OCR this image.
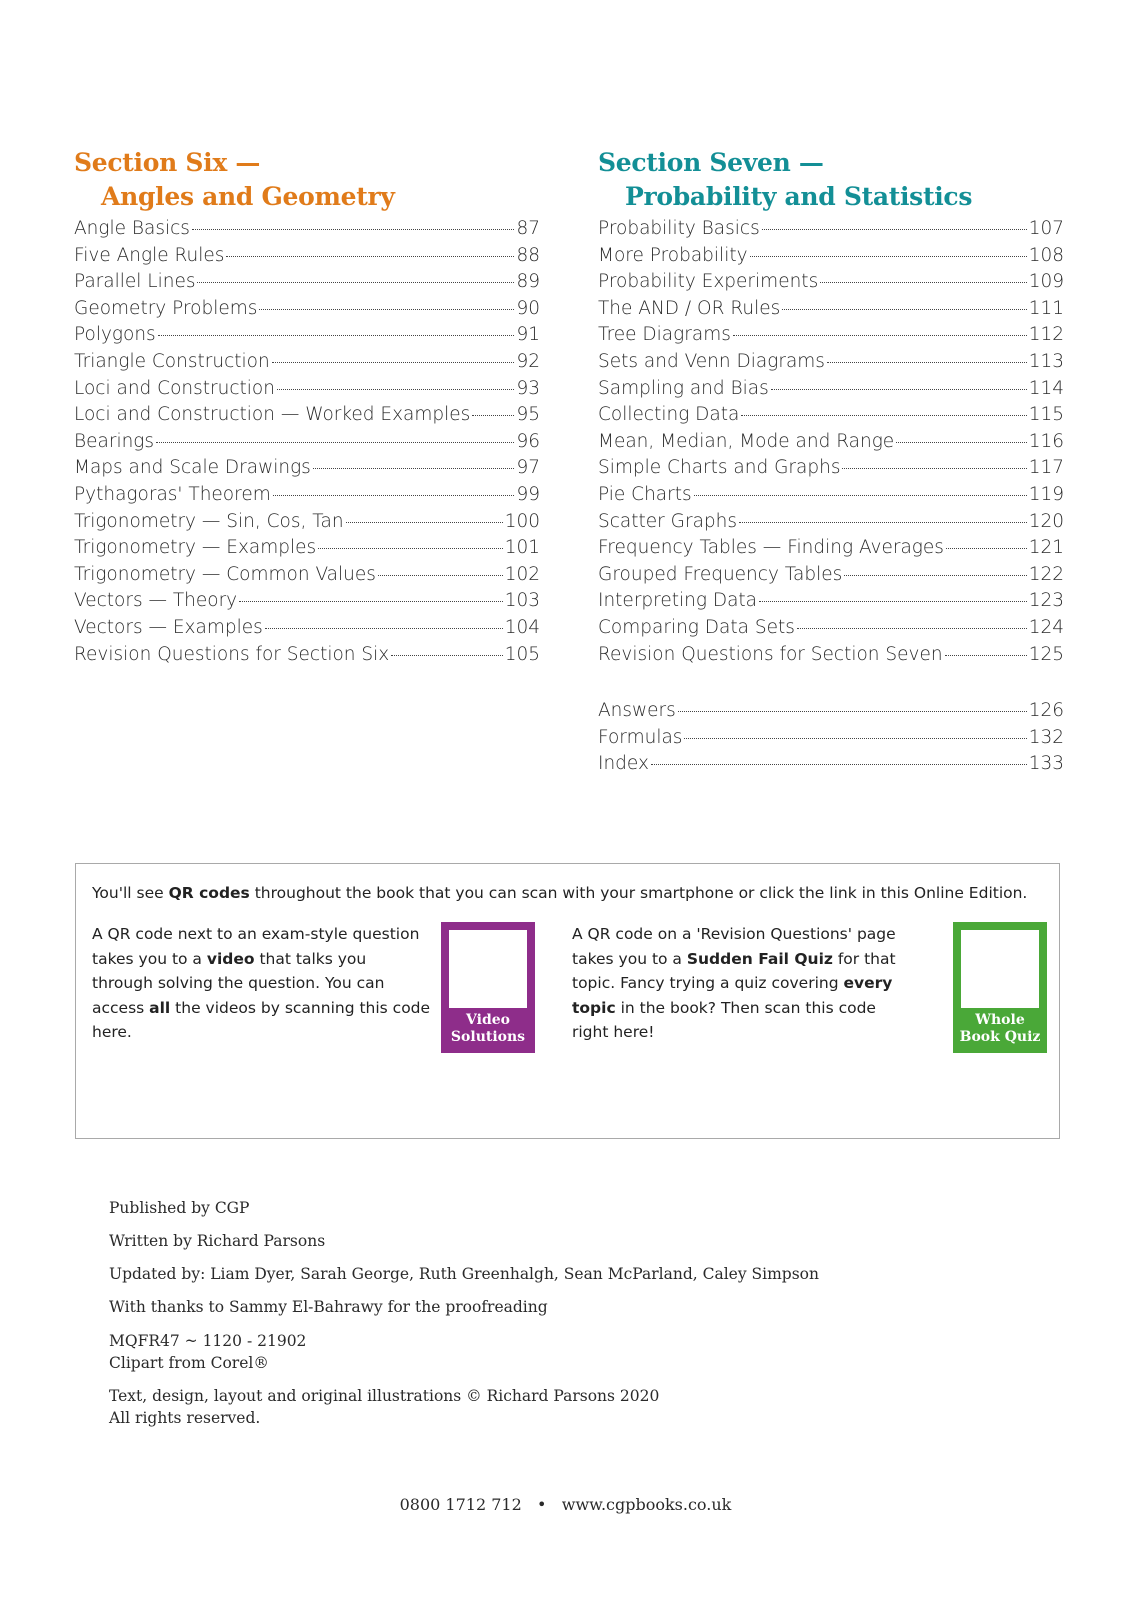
Section Six —
Angles and Geometry
Section Seven —
Probability and Statistics
Angle Basics	87
Five Angle Rules	88
Parallel Lines	89
Geometry Problems	90
Polygons	91
Triangle Construction	92
Loci and Construction	93
Loci and Construction — Worked Examples 95
Bearings	96
Maps and Scale Drawings	97
Pythagoras' Theorem	99
Trigonometry — Sin, Cos, Tan	100
Trigonometry — Examples	101
Trigonometry — Common Values	102
Vectors — Theory	103
Vectors — Examples	104
Revision Questions for Section Six	105
Probability Basics	107
More Probability	108
Probability Experiments	109
The AND / OR Rules	111
Tree Diagrams	112
Sets and Venn Diagrams	113
Sampling and Bias	114
Collecting Data	115
Mean, Median, Mode and Range	116
Simple Charts and Graphs	117
Pie Charts	119
Scatter Graphs	120
Frequency Tables — Finding Averages	121
Grouped Frequency Tables	122
Interpreting Data	123
Comparing Data Sets	124
Revision Questions for Section Seven	125
Answers	126
Formulas	132
Index	133
You'll see QR codes throughout the book that you can scan with your smartphone or click the link in this Online Edition.
A QR code next to an exam-style question takes you to a video that talks you through solving the question. You can access all the videos by scanning this code here.
Video
Solutions
A QR code on a 'Revision Questions' page takes you to a Sudden Fail Quiz for that topic. Fancy trying a quiz covering every topic in the book? Then scan this code right here!
Whole
Book Quiz
Published by CGP
Written by Richard Parsons
Updated by: Liam Dyer, Sarah George, Ruth Greenhalgh, Sean McParland, Caley Simpson
With thanks to Sammy El-Bahrawy for the proofreading
MQFR47 ~ 1120 - 21902
Clipart from Corel®
Text, design, layout and original illustrations © Richard Parsons 2020
All rights reserved.
0800 1712 712 • www.cgpbooks.co.uk
